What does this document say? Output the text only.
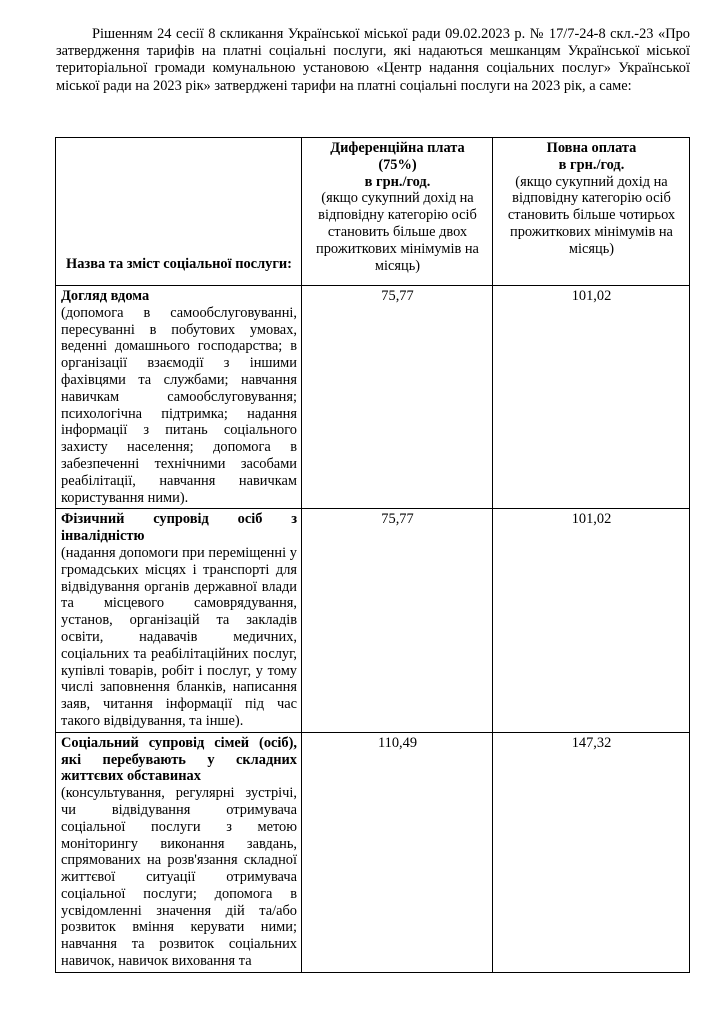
Рішенням 24 сесії 8 скликання Української міської ради 09.02.2023 р. № 17/7-24-8 скл.-23 «Про затвердження тарифів на платні соціальні послуги, які надаються мешканцям Української міської територіальної громади комунальною установою «Центр надання соціальних послуг» Української міської ради на 2023 рік» затверджені тарифи на платні соціальні послуги на 2023 рік, а саме:

Назва та зміст соціальної послуги:	Диференційна плата
(75%)
в грн./год.
(якщо сукупний дохід на відповідну категорію осіб становить більше двох прожиткових мінімумів на місяць)	Повна оплата
в грн./год.
(якщо сукупний дохід на відповідну категорію осіб становить більше чотирьох прожиткових мінімумів на місяць)

Догляд вдома
(допомога в самообслуговуванні, пересуванні в побутових умовах, веденні домашнього господарства; в організації взаємодії з іншими фахівцями та службами; навчання навичкам самообслуговування; психологічна підтримка; надання інформації з питань соціального захисту населення; допомога в забезпеченні технічними засобами реабілітації, навчання навичкам користування ними).	75,77	101,02

Фізичний супровід осіб з інвалідністю
(надання допомоги при переміщенні у громадських місцях і транспорті для відвідування органів державної влади та місцевого самоврядування, установ, організацій та закладів освіти, надавачів медичних, соціальних та реабілітаційних послуг, купівлі товарів, робіт і послуг, у тому числі заповнення бланків, написання заяв, читання інформації під час такого відвідування, та інше).	75,77	101,02

Соціальний супровід сімей (осіб), які перебувають у складних життєвих обставинах
(консультування, регулярні зустрічі, чи відвідування отримувача соціальної послуги з метою моніторингу виконання завдань, спрямованих на розв'язання складної життєвої ситуації отримувача соціальної послуги; допомога в усвідомленні значення дій та/або розвиток вміння керувати ними; навчання та розвиток соціальних навичок, навичок виховання та	110,49	147,32
